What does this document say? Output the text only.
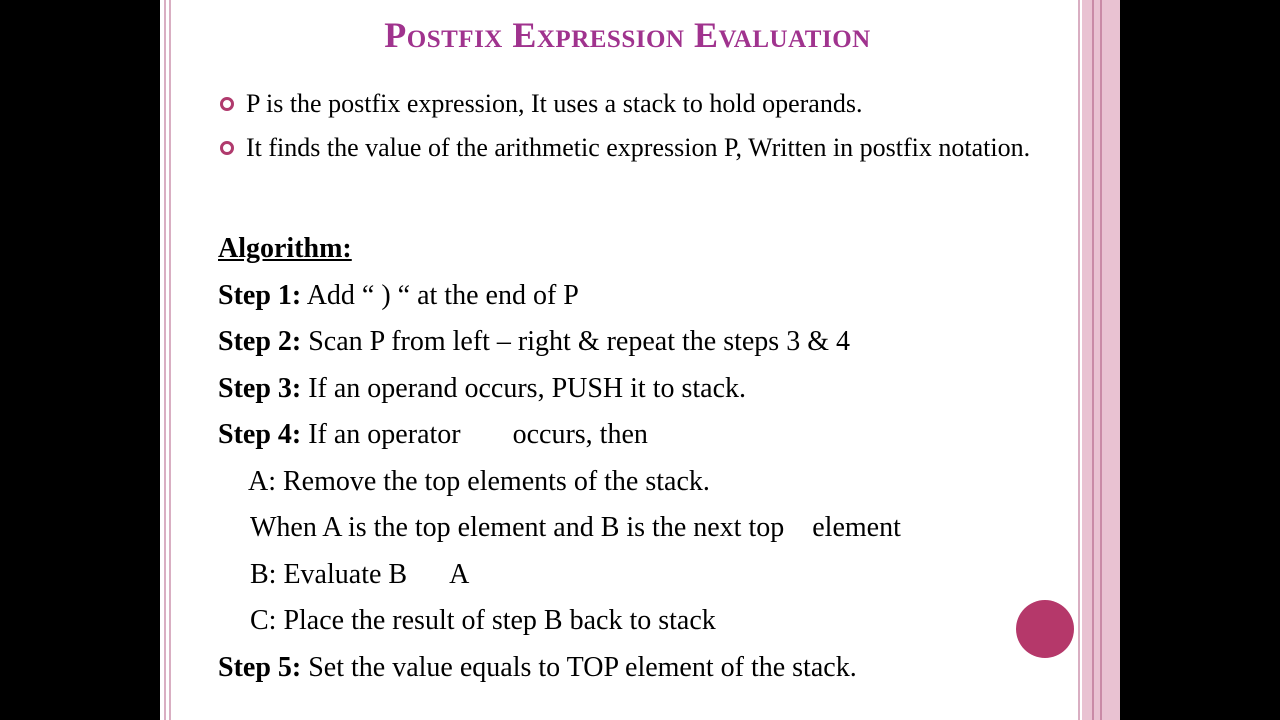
Postfix Expression Evaluation
P is the postfix expression, It uses a stack to hold operands.
It finds the value of the arithmetic expression P, Written in postfix notation.
Algorithm:
Step 1: Add “ ) “ at the end of P
Step 2: Scan P from left – right & repeat the steps 3 & 4
Step 3: If an operand occurs, PUSH it to stack.
Step 4: If an operator occurs, then
A: Remove the top elements of the stack.
When A is the top element and B is the next top element
B: Evaluate B A
C: Place the result of step B back to stack
Step 5: Set the value equals to TOP element of the stack.
